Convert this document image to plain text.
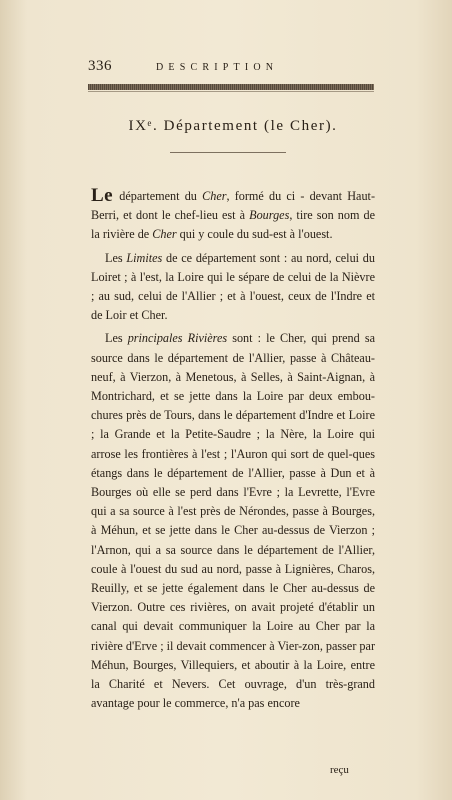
336	DESCRIPTION
IXᵉ. Département (le Cher).

Le département du Cher, formé du ci - devant Haut-Berri, et dont le chef-lieu est à Bourges, tire son nom de la rivière de Cher qui y coule du sud-est à l'ouest.

Les Limites de ce département sont : au nord, celui du Loiret ; à l'est, la Loire qui le sépare de celui de la Nièvre ; au sud, celui de l'Allier ; et à l'ouest, ceux de l'Indre et de Loir et Cher.

Les principales Rivières sont : le Cher, qui prend sa source dans le département de l'Allier, passe à Château-neuf, à Vierzon, à Menetous, à Selles, à Saint-Aignan, à Montrichard, et se jette dans la Loire par deux embou-chures près de Tours, dans le département d'Indre et Loire ; la Grande et la Petite-Saudre ; la Nère, la Loire qui arrose les frontières à l'est ; l'Auron qui sort de quel-ques étangs dans le département de l'Allier, passe à Dun et à Bourges où elle se perd dans l'Evre ; la Levrette, l'Evre qui a sa source à l'est près de Nérondes, passe à Bourges, à Méhun, et se jette dans le Cher au-dessus de Vierzon ; l'Arnon, qui a sa source dans le département de l'Allier, coule à l'ouest du sud au nord, passe à Lignières, Charos, Reuilly, et se jette également dans le Cher au-dessus de Vierzon. Outre ces rivières, on avait projeté d'établir un canal qui devait communiquer la Loire au Cher par la rivière d'Erve ; il devait commencer à Vier-zon, passer par Méhun, Bourges, Villequiers, et aboutir à la Loire, entre la Charité et Nevers. Cet ouvrage, d'un très-grand avantage pour le commerce, n'a pas encore

reçu
